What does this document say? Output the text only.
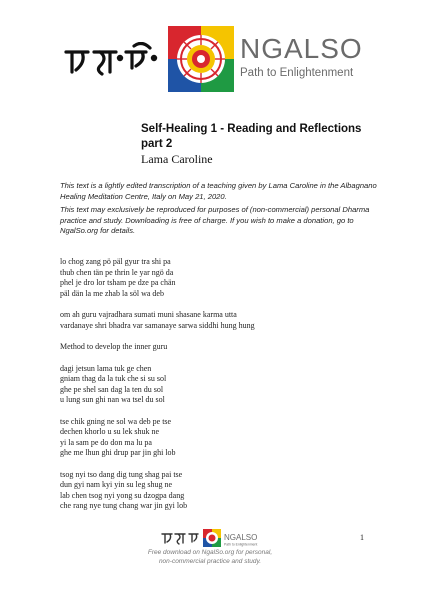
NGALSO
Path to Enlightenment
Self-Healing 1 - Reading and Reflections
part 2
Lama Caroline

This text is a lightly edited transcription of a teaching given by Lama Caroline in the Albagnano Healing Meditation Centre, Italy on May 21, 2020.

This text may exclusively be reproduced for purposes of (non-commercial) personal Dharma practice and study. Downloading is free of charge. If you wish to make a donation, go to NgalSo.org for details.

lo chog zang pö päl gyur tra shi pa
thub chen tän pe thrin le yar ngö da
phel je dro lor tsham pe dze pa chän
päl dän la me zhab la söl wa deb
om ah guru vajradhara sumati muni shasane karma utta
vardanaye shri bhadra var samanaye sarwa siddhi hung hung
Method to develop the inner guru
dagi jetsun lama tuk ge chen
gniam thag da la tuk che si su sol
ghe pe shel san dag la ten du sol
u lung sun ghi nan wa tsel du sol
tse chik gning ne sol wa deb pe tse
dechen khorlo u su lek shuk ne
yi la sam pe do don ma lu pa
ghe me lhun ghi drup par jin ghi lob
tsog nyi tso dang dig tung shag pai tse
dun gyi nam kyi yin su leg shug ne
lab chen tsog nyi yong su dzogpa dang
che rang nye tung chang war jin gyi lob
1
NGALSO
Path to Enlightenment
Free download on NgalSo.org for personal,
non-commercial practice and study.
